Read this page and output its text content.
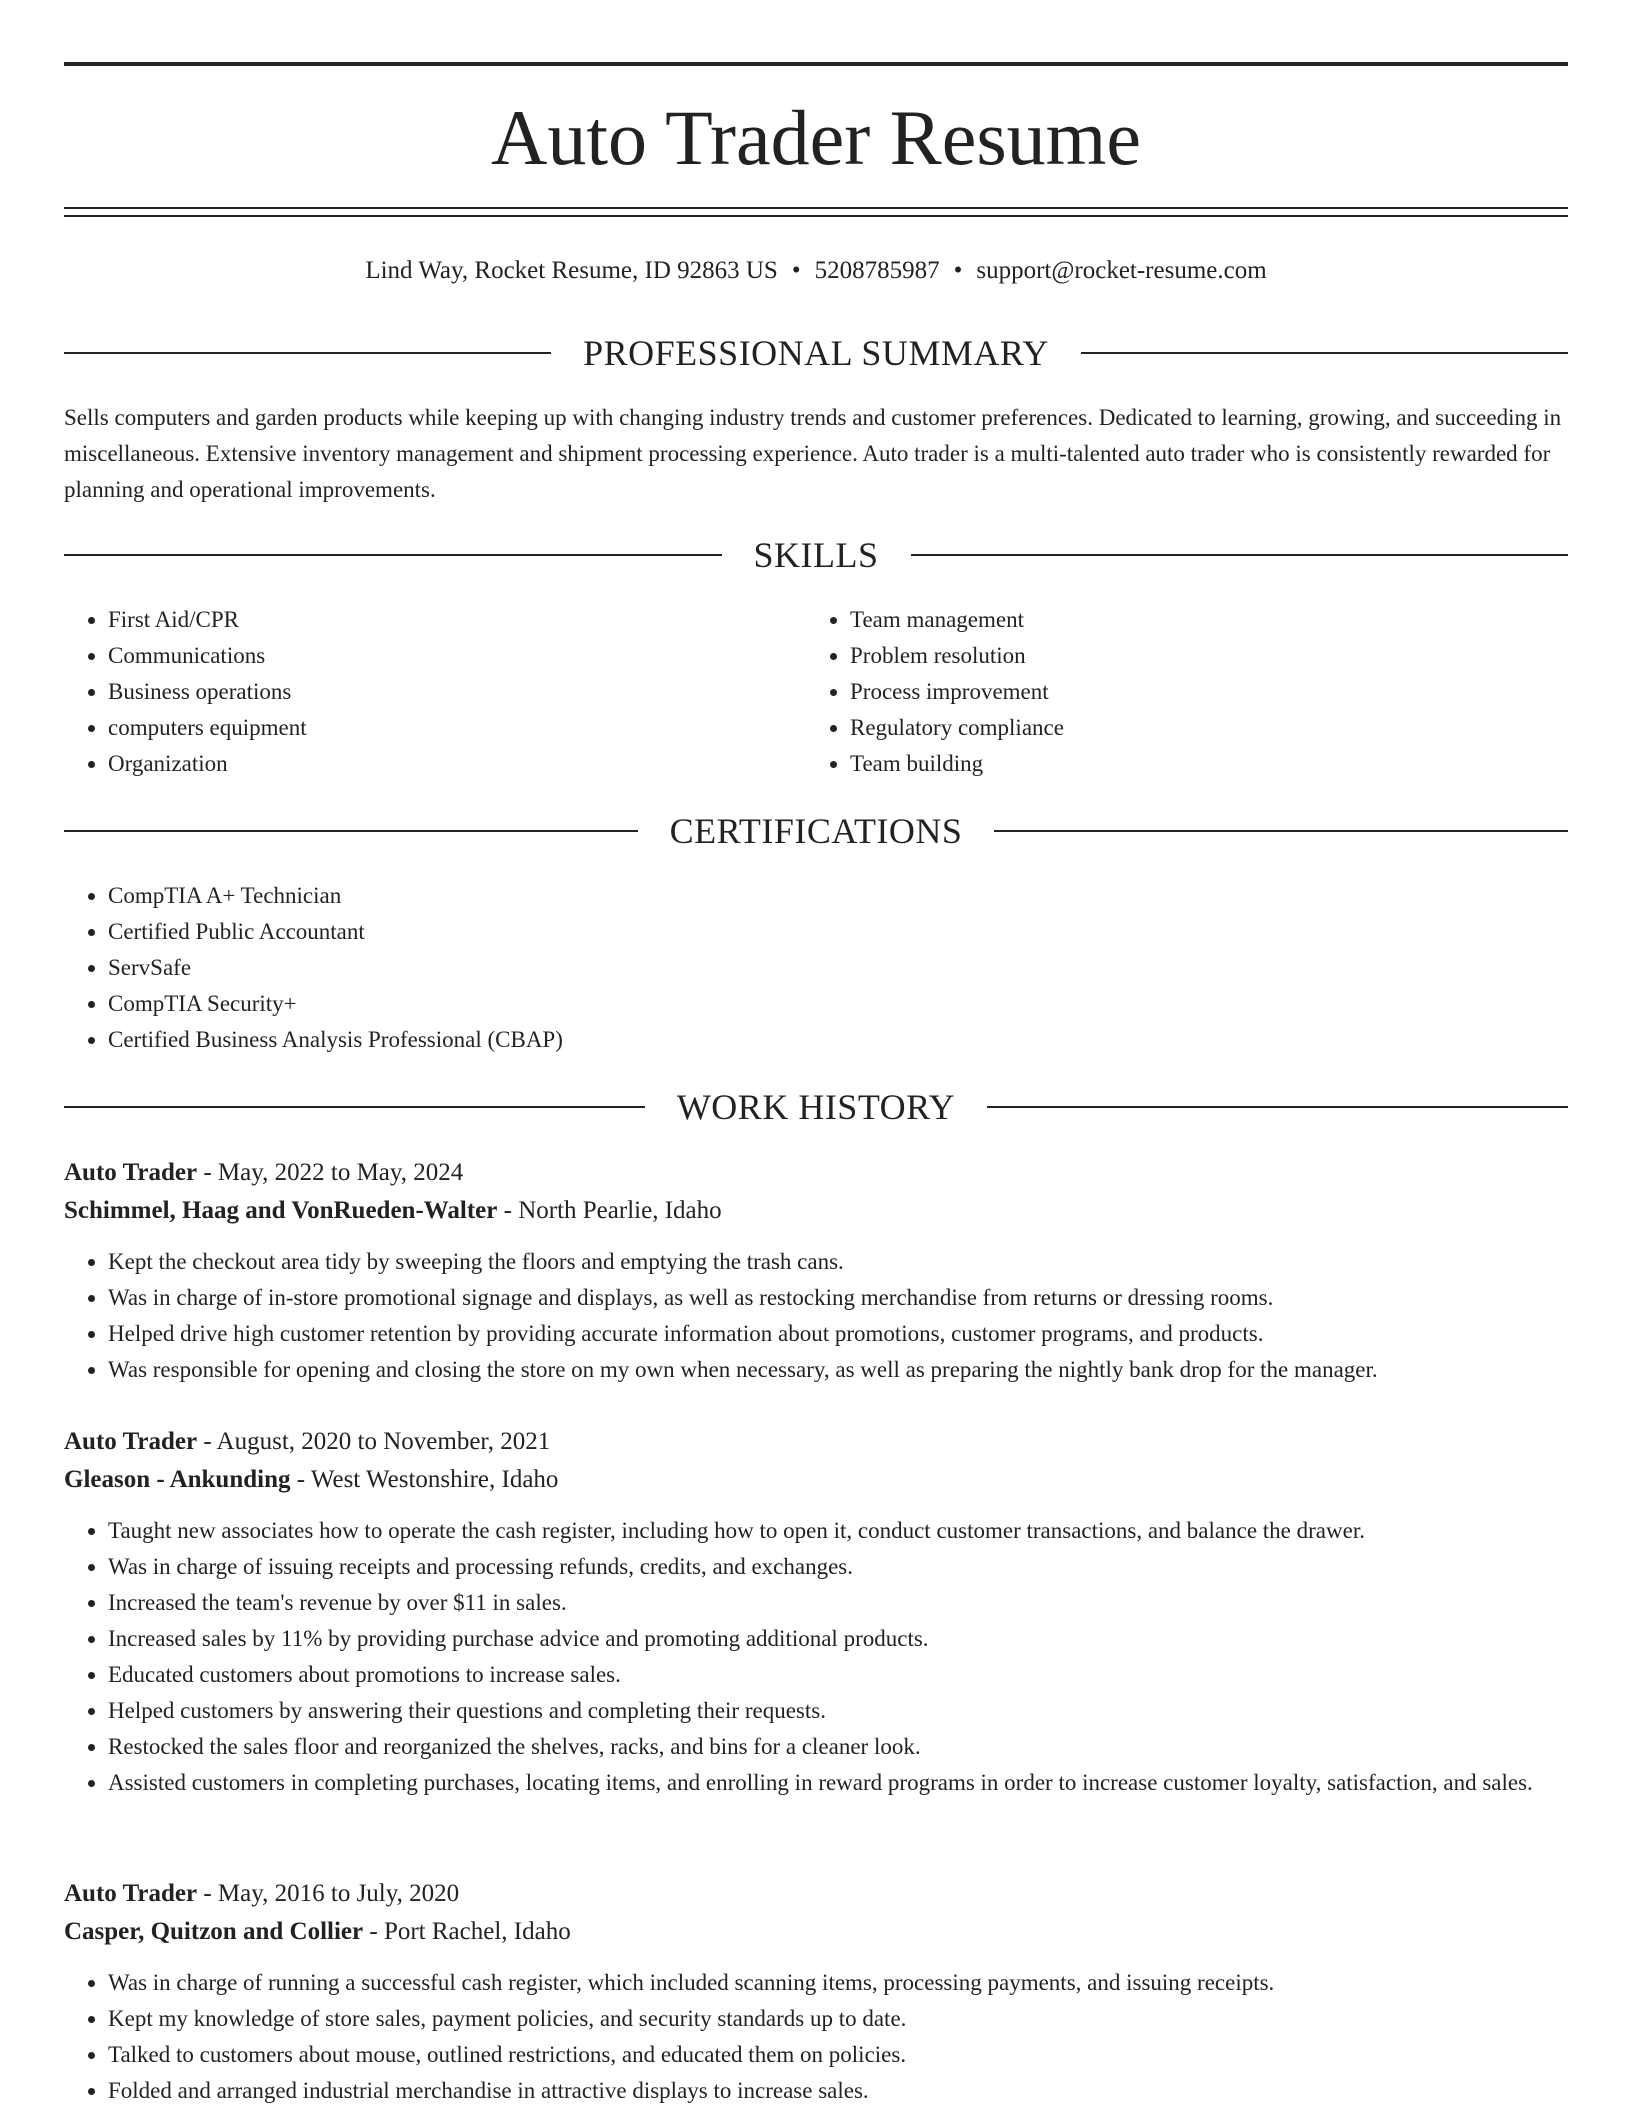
Auto Trader Resume
Lind Way, Rocket Resume, ID 92863 US • 5208785987 • support@rocket-resume.com
PROFESSIONAL SUMMARY

Sells computers and garden products while keeping up with changing industry trends and customer preferences. Dedicated to learning, growing, and succeeding in miscellaneous. Extensive inventory management and shipment processing experience. Auto trader is a multi-talented auto trader who is consistently rewarded for planning and operational improvements.

SKILLS
• First Aid/CPR
• Communications
• Business operations
• computers equipment
• Organization
• Team management
• Problem resolution
• Process improvement
• Regulatory compliance
• Team building
CERTIFICATIONS
• CompTIA A+ Technician
• Certified Public Accountant
• ServSafe
• CompTIA Security+
• Certified Business Analysis Professional (CBAP)
WORK HISTORY
Auto Trader - May, 2022 to May, 2024
Schimmel, Haag and VonRueden-Walter - North Pearlie, Idaho
• Kept the checkout area tidy by sweeping the floors and emptying the trash cans.
• Was in charge of in-store promotional signage and displays, as well as restocking merchandise from returns or dressing rooms.
• Helped drive high customer retention by providing accurate information about promotions, customer programs, and products.
• Was responsible for opening and closing the store on my own when necessary, as well as preparing the nightly bank drop for the manager.
Auto Trader - August, 2020 to November, 2021
Gleason - Ankunding - West Westonshire, Idaho
• Taught new associates how to operate the cash register, including how to open it, conduct customer transactions, and balance the drawer.
• Was in charge of issuing receipts and processing refunds, credits, and exchanges.
• Increased the team's revenue by over $11 in sales.
• Increased sales by 11% by providing purchase advice and promoting additional products.
• Educated customers about promotions to increase sales.
• Helped customers by answering their questions and completing their requests.
• Restocked the sales floor and reorganized the shelves, racks, and bins for a cleaner look.
• Assisted customers in completing purchases, locating items, and enrolling in reward programs in order to increase customer loyalty, satisfaction, and sales.
Auto Trader - May, 2016 to July, 2020
Casper, Quitzon and Collier - Port Rachel, Idaho
• Was in charge of running a successful cash register, which included scanning items, processing payments, and issuing receipts.
• Kept my knowledge of store sales, payment policies, and security standards up to date.
• Talked to customers about mouse, outlined restrictions, and educated them on policies.
• Folded and arranged industrial merchandise in attractive displays to increase sales.
